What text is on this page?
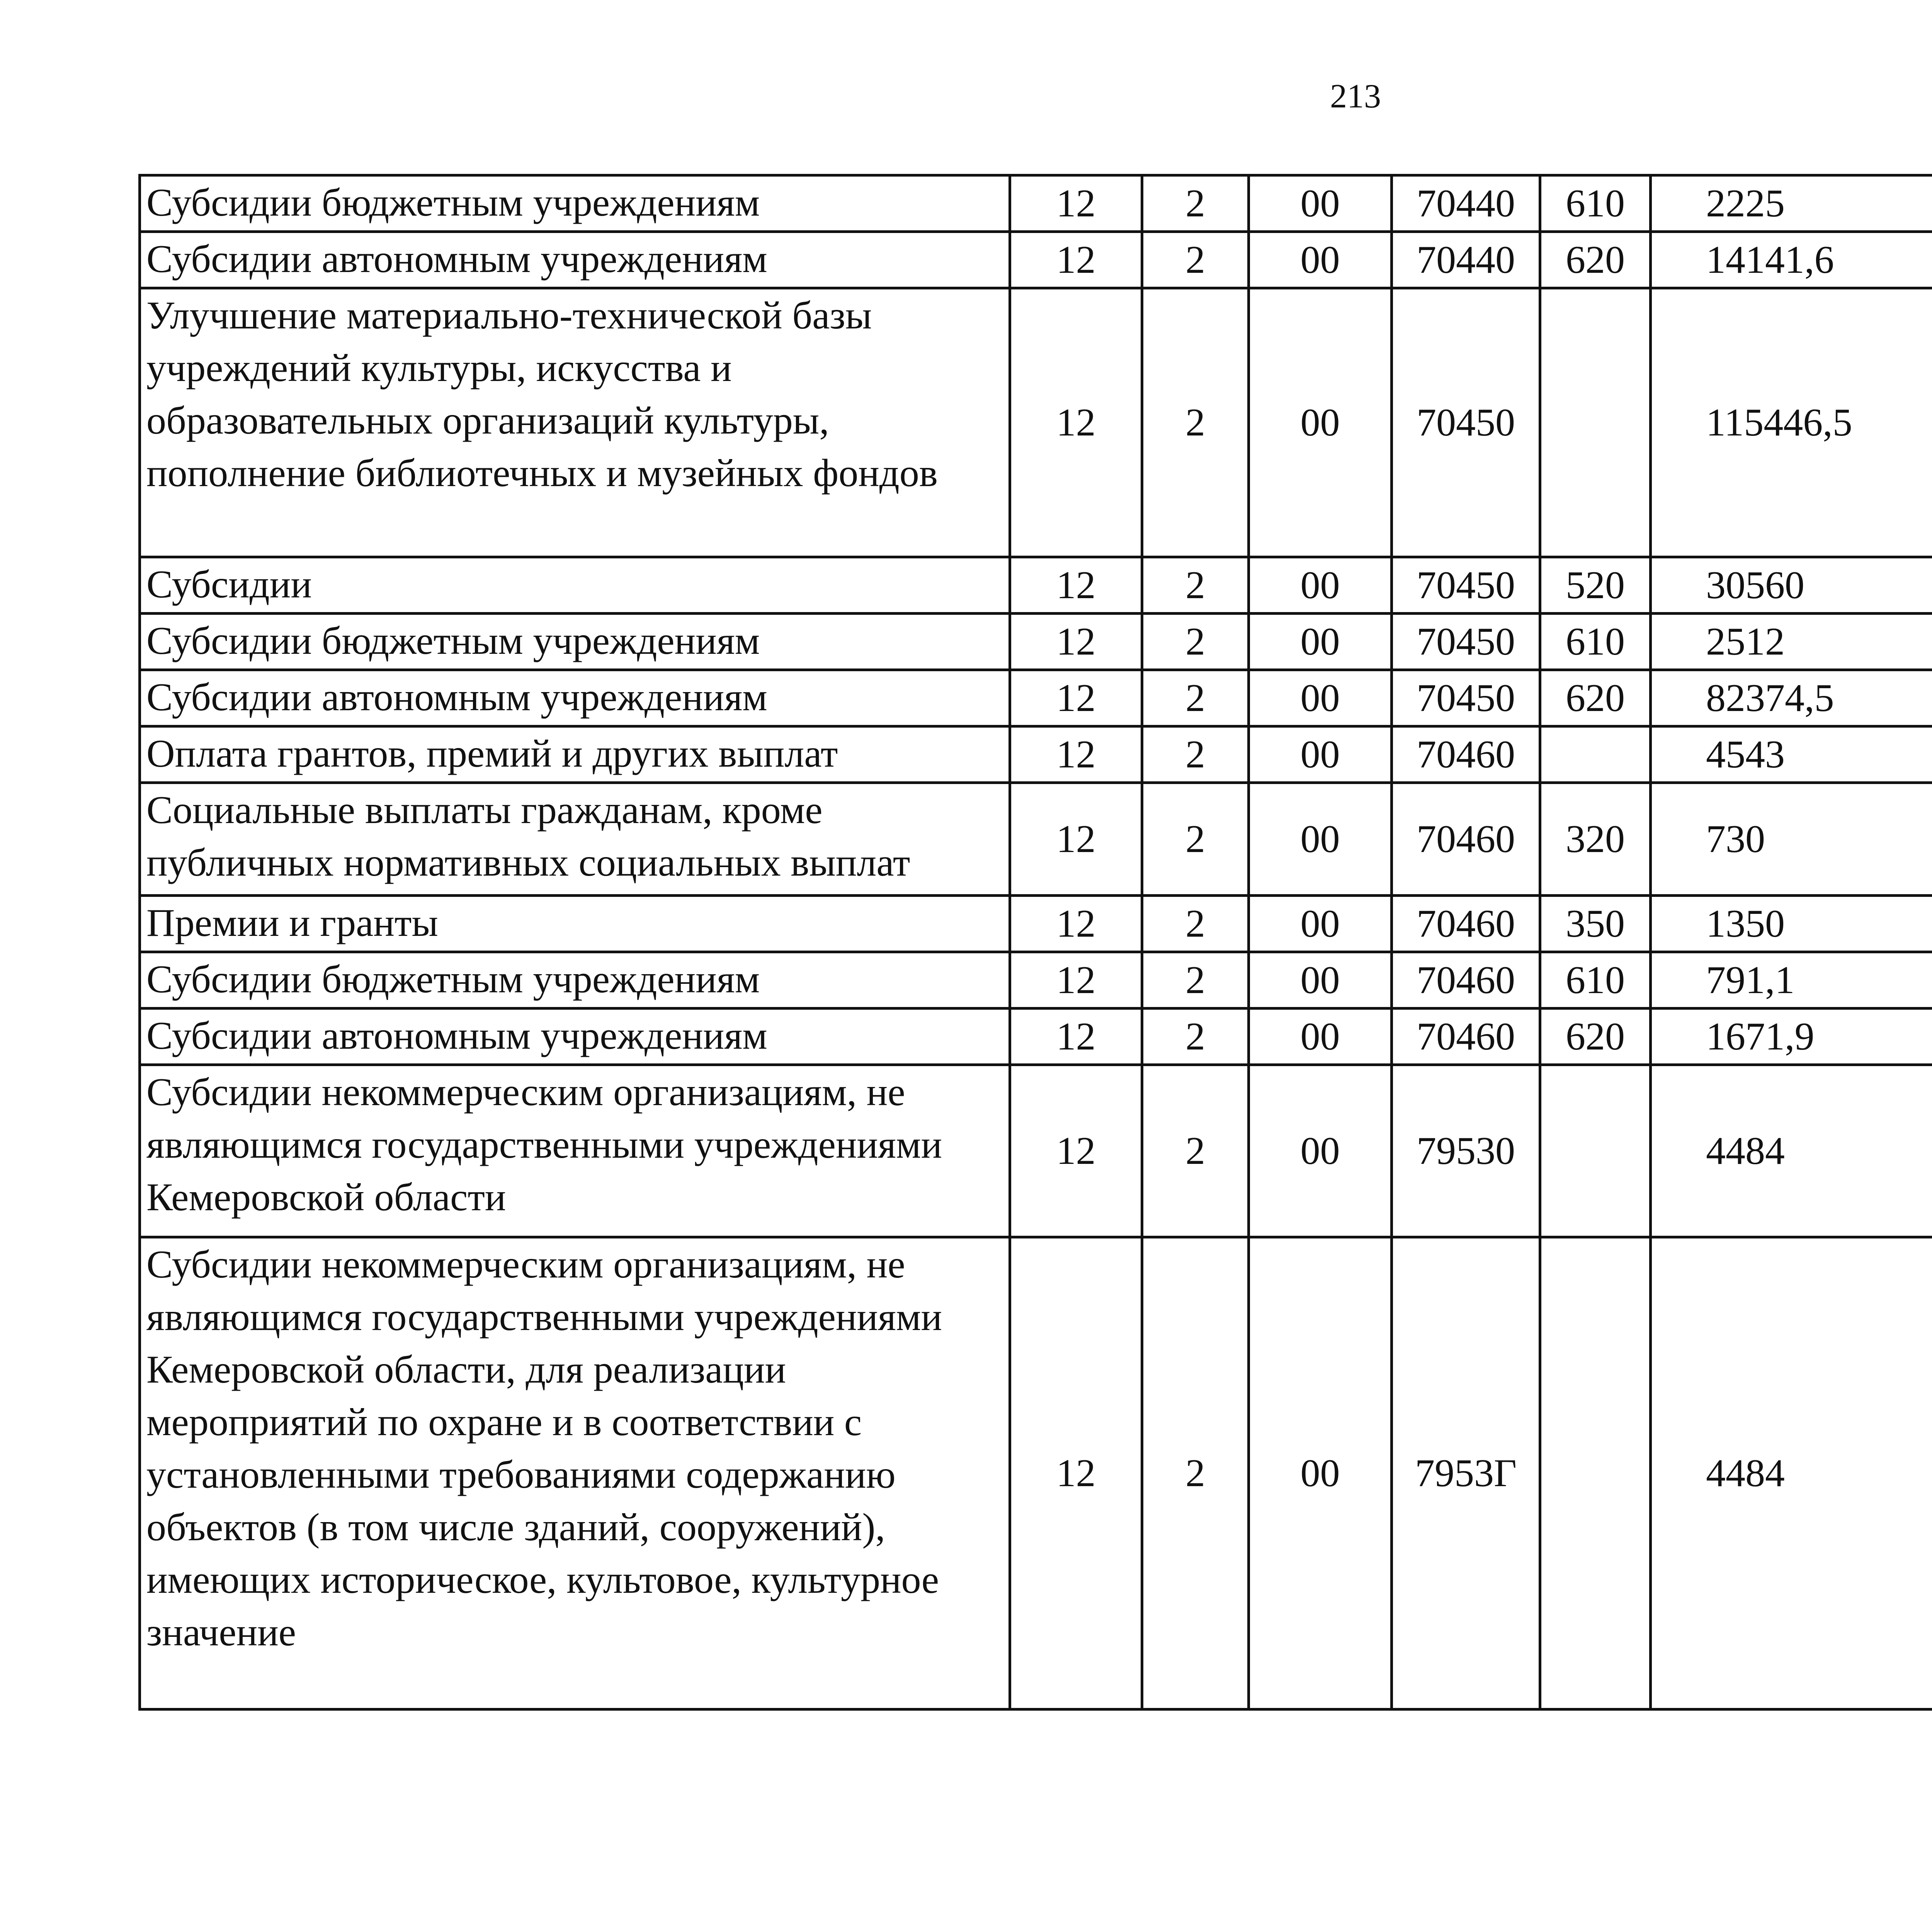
213
Субсидии бюджетным учреждениям	12	2	00	70440	610	2225		
Субсидии автономным учреждениям	12	2	00	70440	620	14141,6		
Улучшение материально-технической базы учреждений культуры, искусства и образовательных организаций культуры, пополнение библиотечных и музейных фондов	12	2	00	70450		115446,5		
Субсидии	12	2	00	70450	520	30560		
Субсидии бюджетным учреждениям	12	2	00	70450	610	2512		
Субсидии автономным учреждениям	12	2	00	70450	620	82374,5		
Оплата грантов, премий и других выплат	12	2	00	70460		4543		
Социальные выплаты гражданам, кроме публичных нормативных социальных выплат	12	2	00	70460	320	730		
Премии и гранты	12	2	00	70460	350	1350		
Субсидии бюджетным учреждениям	12	2	00	70460	610	791,1		
Субсидии автономным учреждениям	12	2	00	70460	620	1671,9		
Субсидии некоммерческим организациям, не являющимся государственными учреждениями Кемеровской области	12	2	00	79530		4484		
Субсидии некоммерческим организациям, не являющимся государственными учреждениями Кемеровской области, для реализации мероприятий по охране и в соответствии с установленными требованиями содержанию объектов (в том числе зданий, сооружений), имеющих историческое, культовое, культурное значение	12	2	00	7953Г		4484		
